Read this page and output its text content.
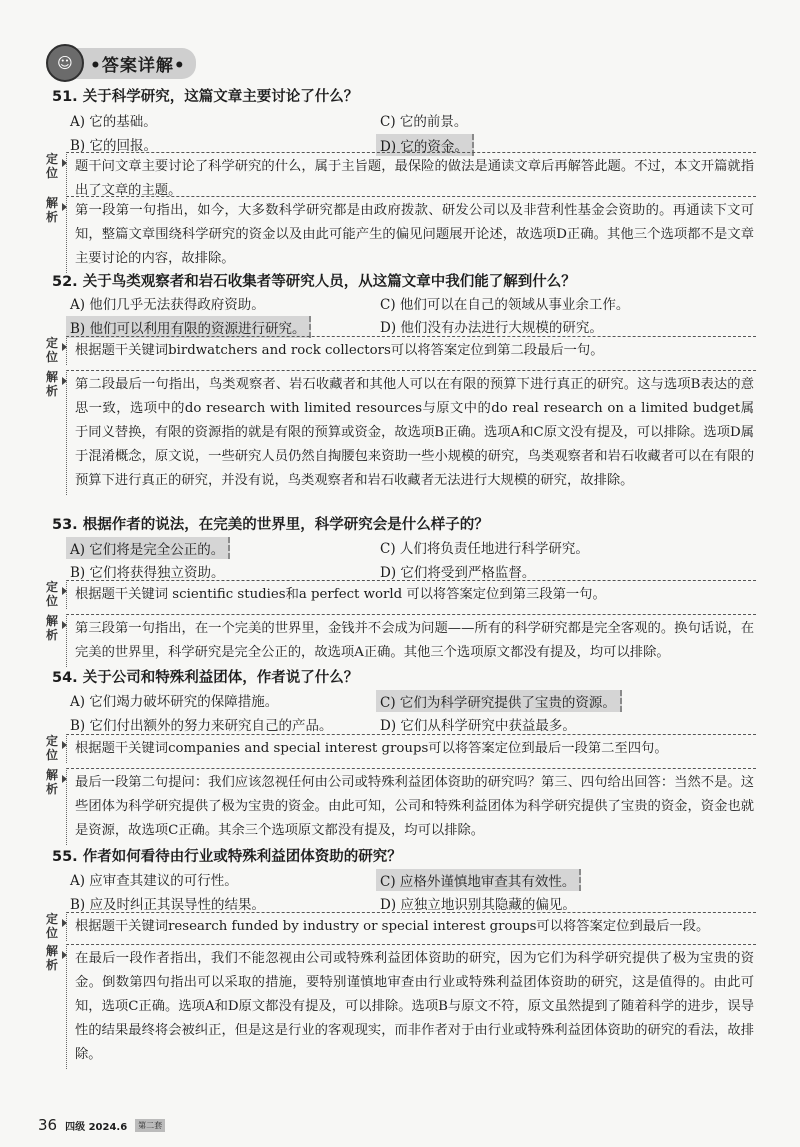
☺	•答案详解•
51. 关于科学研究，这篇文章主要讨论了什么？
A) 它的基础。	C) 它的前景。
B) 它的回报。	D) 它的资金。
定位	题干问文章主要讨论了科学研究的什么，属于主旨题，最保险的做法是通读文章后再解答此题。不过，本文开篇就指出了文章的主题。
解析	第一段第一句指出，如今，大多数科学研究都是由政府拨款、研发公司以及非营利性基金会资助的。再通读下文可知，整篇文章围绕科学研究的资金以及由此可能产生的偏见问题展开论述，故选项D正确。其他三个选项都不是文章主要讨论的内容，故排除。
52. 关于鸟类观察者和岩石收集者等研究人员，从这篇文章中我们能了解到什么？
A) 他们几乎无法获得政府资助。	C) 他们可以在自己的领域从事业余工作。
B) 他们可以利用有限的资源进行研究。	D) 他们没有办法进行大规模的研究。
定位	根据题干关键词birdwatchers and rock collectors可以将答案定位到第二段最后一句。
解析	第二段最后一句指出，鸟类观察者、岩石收藏者和其他人可以在有限的预算下进行真正的研究。这与选项B表达的意思一致，选项中的do research with limited resources与原文中的do real research on a limited budget属于同义替换，有限的资源指的就是有限的预算或资金，故选项B正确。选项A和C原文没有提及，可以排除。选项D属于混淆概念，原文说，一些研究人员仍然自掏腰包来资助一些小规模的研究，鸟类观察者和岩石收藏者可以在有限的预算下进行真正的研究，并没有说，鸟类观察者和岩石收藏者无法进行大规模的研究，故排除。
53. 根据作者的说法，在完美的世界里，科学研究会是什么样子的？
A) 它们将是完全公正的。	C) 人们将负责任地进行科学研究。
B) 它们将获得独立资助。	D) 它们将受到严格监督。
定位	根据题干关键词 scientific studies和a perfect world 可以将答案定位到第三段第一句。
解析	第三段第一句指出，在一个完美的世界里，金钱并不会成为问题——所有的科学研究都是完全客观的。换句话说，在完美的世界里，科学研究是完全公正的，故选项A正确。其他三个选项原文都没有提及，均可以排除。
54. 关于公司和特殊利益团体，作者说了什么？
A) 它们竭力破坏研究的保障措施。	C) 它们为科学研究提供了宝贵的资源。
B) 它们付出额外的努力来研究自己的产品。	D) 它们从科学研究中获益最多。
定位	根据题干关键词companies and special interest groups可以将答案定位到最后一段第二至四句。
解析	最后一段第二句提问：我们应该忽视任何由公司或特殊利益团体资助的研究吗？第三、四句给出回答：当然不是。这些团体为科学研究提供了极为宝贵的资金。由此可知，公司和特殊利益团体为科学研究提供了宝贵的资金，资金也就是资源，故选项C正确。其余三个选项原文都没有提及，均可以排除。
55. 作者如何看待由行业或特殊利益团体资助的研究？
A) 应审查其建议的可行性。	C) 应格外谨慎地审查其有效性。
B) 应及时纠正其误导性的结果。	D) 应独立地识别其隐藏的偏见。
定位	根据题干关键词research funded by industry or special interest groups可以将答案定位到最后一段。
解析	在最后一段作者指出，我们不能忽视由公司或特殊利益团体资助的研究，因为它们为科学研究提供了极为宝贵的资金。倒数第四句指出可以采取的措施，要特别谨慎地审查由行业或特殊利益团体资助的研究，这是值得的。由此可知，选项C正确。选项A和D原文都没有提及，可以排除。选项B与原文不符，原文虽然提到了随着科学的进步，误导性的结果最终将会被纠正，但是这是行业的客观现实，而非作者对于由行业或特殊利益团体资助的研究的看法，故排除。
36 四级 2024.6	第二套
